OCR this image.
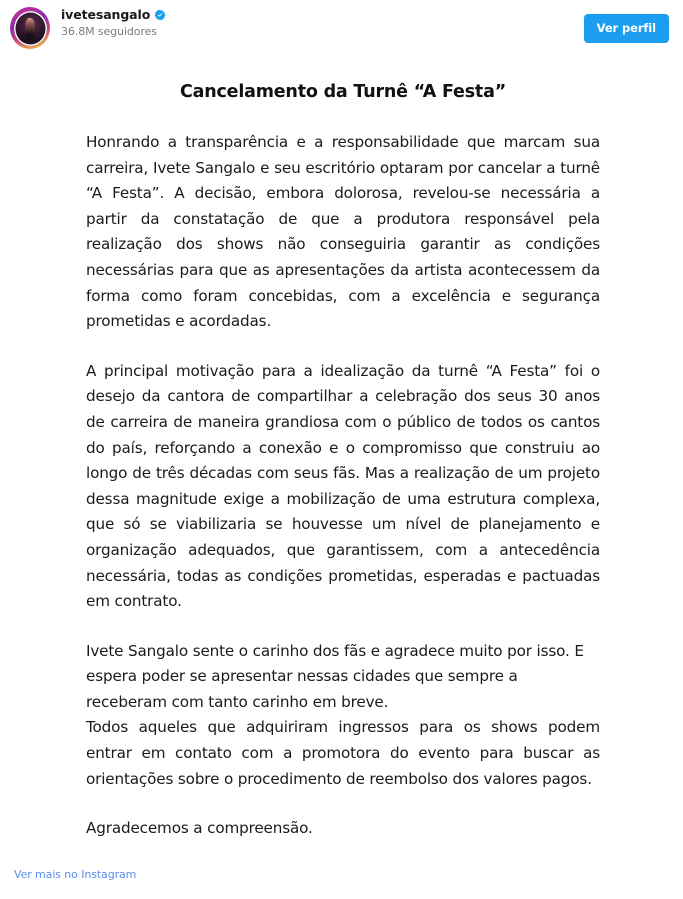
ivetesangalo
36.8M seguidores	Ver perfil
Cancelamento da Turnê “A Festa”

Honrando a transparência e a responsabilidade que marcam sua carreira, Ivete Sangalo e seu escritório optaram por cancelar a turnê “A Festa”. A decisão, embora dolorosa, revelou-se necessária a partir da constatação de que a produtora responsável pela realização dos shows não conseguiria garantir as condições necessárias para que as apresentações da artista acontecessem da forma como foram concebidas, com a excelência e segurança prometidas e acordadas.

A principal motivação para a idealização da turnê “A Festa” foi o desejo da cantora de compartilhar a celebração dos seus 30 anos de carreira de maneira grandiosa com o público de todos os cantos do país, reforçando a conexão e o compromisso que construiu ao longo de três décadas com seus fãs. Mas a realização de um projeto dessa magnitude exige a mobilização de uma estrutura complexa, que só se viabilizaria se houvesse um nível de planejamento e organização adequados, que garantissem, com a antecedência necessária, todas as condições prometidas, esperadas e pactuadas em contrato.

Ivete Sangalo sente o carinho dos fãs e agradece muito por isso. E espera poder se apresentar nessas cidades que sempre a receberam com tanto carinho em breve.

Todos aqueles que adquiriram ingressos para os shows podem entrar em contato com a promotora do evento para buscar as orientações sobre o procedimento de reembolso dos valores pagos.

Agradecemos a compreensão.

Ver mais no Instagram
